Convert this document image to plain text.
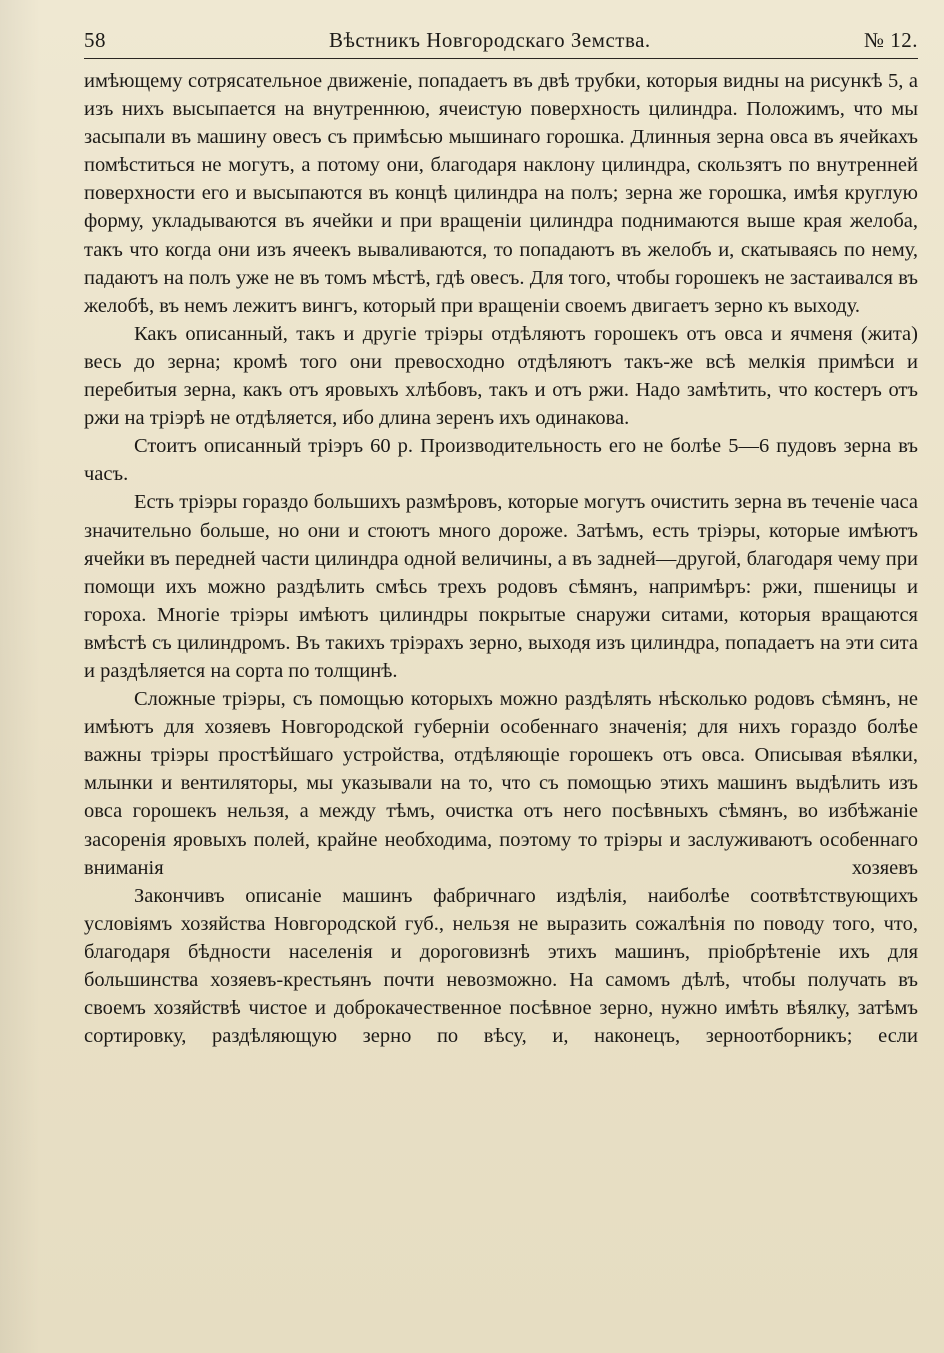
58	Вѣстникъ Новгородскаго Земства.	№ 12.

имѣющему сотрясательное движенiе, попадаетъ въ двѣ трубки, которыя видны на рисункѣ 5, а изъ нихъ высыпается на внутреннюю, ячеистую поверхность цилиндра. Положимъ, что мы засыпали въ машину овесъ съ примѣсью мышинаго горошка. Длинныя зерна овса въ ячейкахъ помѣститься не могутъ, а потому они, благодаря наклону цилиндра, скользятъ по внутренней поверхности его и высыпаются въ концѣ цилиндра на полъ; зерна же горошка, имѣя круглую форму, укладываются въ ячейки и при вращенiи цилиндра поднимаются выше края желоба, такъ что когда они изъ ячеекъ вываливаются, то попадаютъ въ желобъ и, скатываясь по нему, падаютъ на полъ уже не въ томъ мѣстѣ, гдѣ овесъ. Для того, чтобы горошекъ не застаивался въ желобѣ, въ немъ лежитъ вингъ, который при вращенiи своемъ двигаетъ зерно къ выходу.

Какъ описанный, такъ и другiе трiэры отдѣляютъ горошекъ отъ овса и ячменя (жита) весь до зерна; кромѣ того они превосходно отдѣляютъ такъ-же всѣ мелкiя примѣси и перебитыя зерна, какъ отъ яровыхъ хлѣбовъ, такъ и отъ ржи. Надо замѣтить, что костеръ отъ ржи на трiэрѣ не отдѣляется, ибо длина зеренъ ихъ одинакова.

Стоитъ описанный трiэръ 60 р. Производительность его не болѣе 5—6 пудовъ зерна въ часъ.

Есть трiэры гораздо большихъ размѣровъ, которые могутъ очистить зерна въ теченiе часа значительно больше, но они и стоютъ много дороже. Затѣмъ, есть трiэры, которые имѣютъ ячейки въ передней части цилиндра одной величины, а въ задней—другой, благодаря чему при помощи ихъ можно раздѣлить смѣсь трехъ родовъ сѣмянъ, напримѣръ: ржи, пшеницы и гороха. Многiе трiэры имѣютъ цилиндры покрытые снаружи ситами, которыя вращаются вмѣстѣ съ цилиндромъ. Въ такихъ трiэрахъ зерно, выходя изъ цилиндра, попадаетъ на эти сита и раздѣляется на сорта по толщинѣ.

Сложные трiэры, съ помощью которыхъ можно раздѣлять нѣсколько родовъ сѣмянъ, не имѣютъ для хозяевъ Новгородской губернiи особеннаго значенiя; для нихъ гораздо болѣе важны трiэры простѣйшаго устройства, отдѣляющiе горошекъ отъ овса. Описывая вѣялки, млынки и вентиляторы, мы указывали на то, что съ помощью этихъ машинъ выдѣлить изъ овса горошекъ нельзя, а между тѣмъ, очистка отъ него посѣвныхъ сѣмянъ, во избѣжанiе засоренiя яровыхъ полей, крайне необходима, поэтому то трiэры и заслуживаютъ особеннаго вниманiя хозяевъ

Закончивъ описанiе машинъ фабричнаго издѣлiя, наиболѣе соотвѣтствующихъ условiямъ хозяйства Новгородской губ., нельзя не выразить сожалѣнiя по поводу того, что, благодаря бѣдности населенiя и дороговизнѣ этихъ машинъ, прiобрѣтенiе ихъ для большинства хозяевъ-крестьянъ почти невозможно. На самомъ дѣлѣ, чтобы получать въ своемъ хозяйствѣ чистое и доброкачественное посѣвное зерно, нужно имѣть вѣялку, затѣмъ сортировку, раздѣляющую зерно по вѣсу, и, наконецъ, зерноотборникъ; если
